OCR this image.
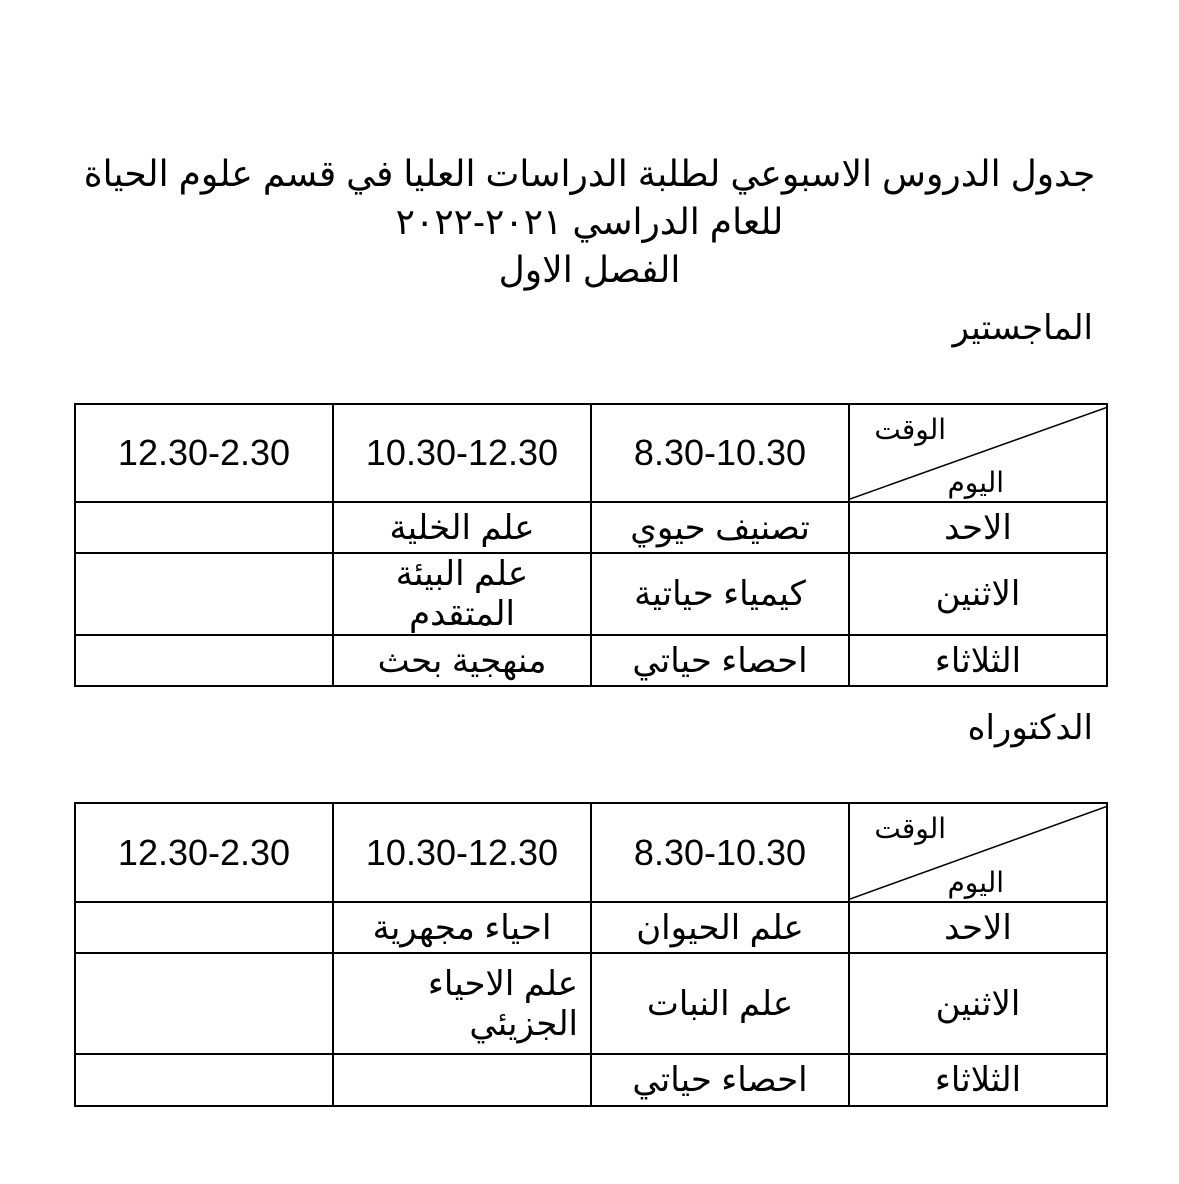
جدول الدروس الاسبوعي لطلبة الدراسات العليا في قسم علوم الحياة
للعام الدراسي ٢٠٢١-٢٠٢٢
الفصل الاول
الماجستير
الوقت
اليوم	8.30-10.30	10.30-12.30	12.30-2.30
الاحد	تصنيف حيوي	علم الخلية	
الاثنين	كيمياء حياتية	علم البيئة المتقدم	
الثلاثاء	احصاء حياتي	منهجية بحث	
الدكتوراه
الوقت
اليوم	8.30-10.30	10.30-12.30	12.30-2.30
الاحد	علم الحيوان	احياء مجهرية	
الاثنين	علم النبات	علم الاحياء
الجزيئي	

الثلاثاء	احصاء حياتي		
